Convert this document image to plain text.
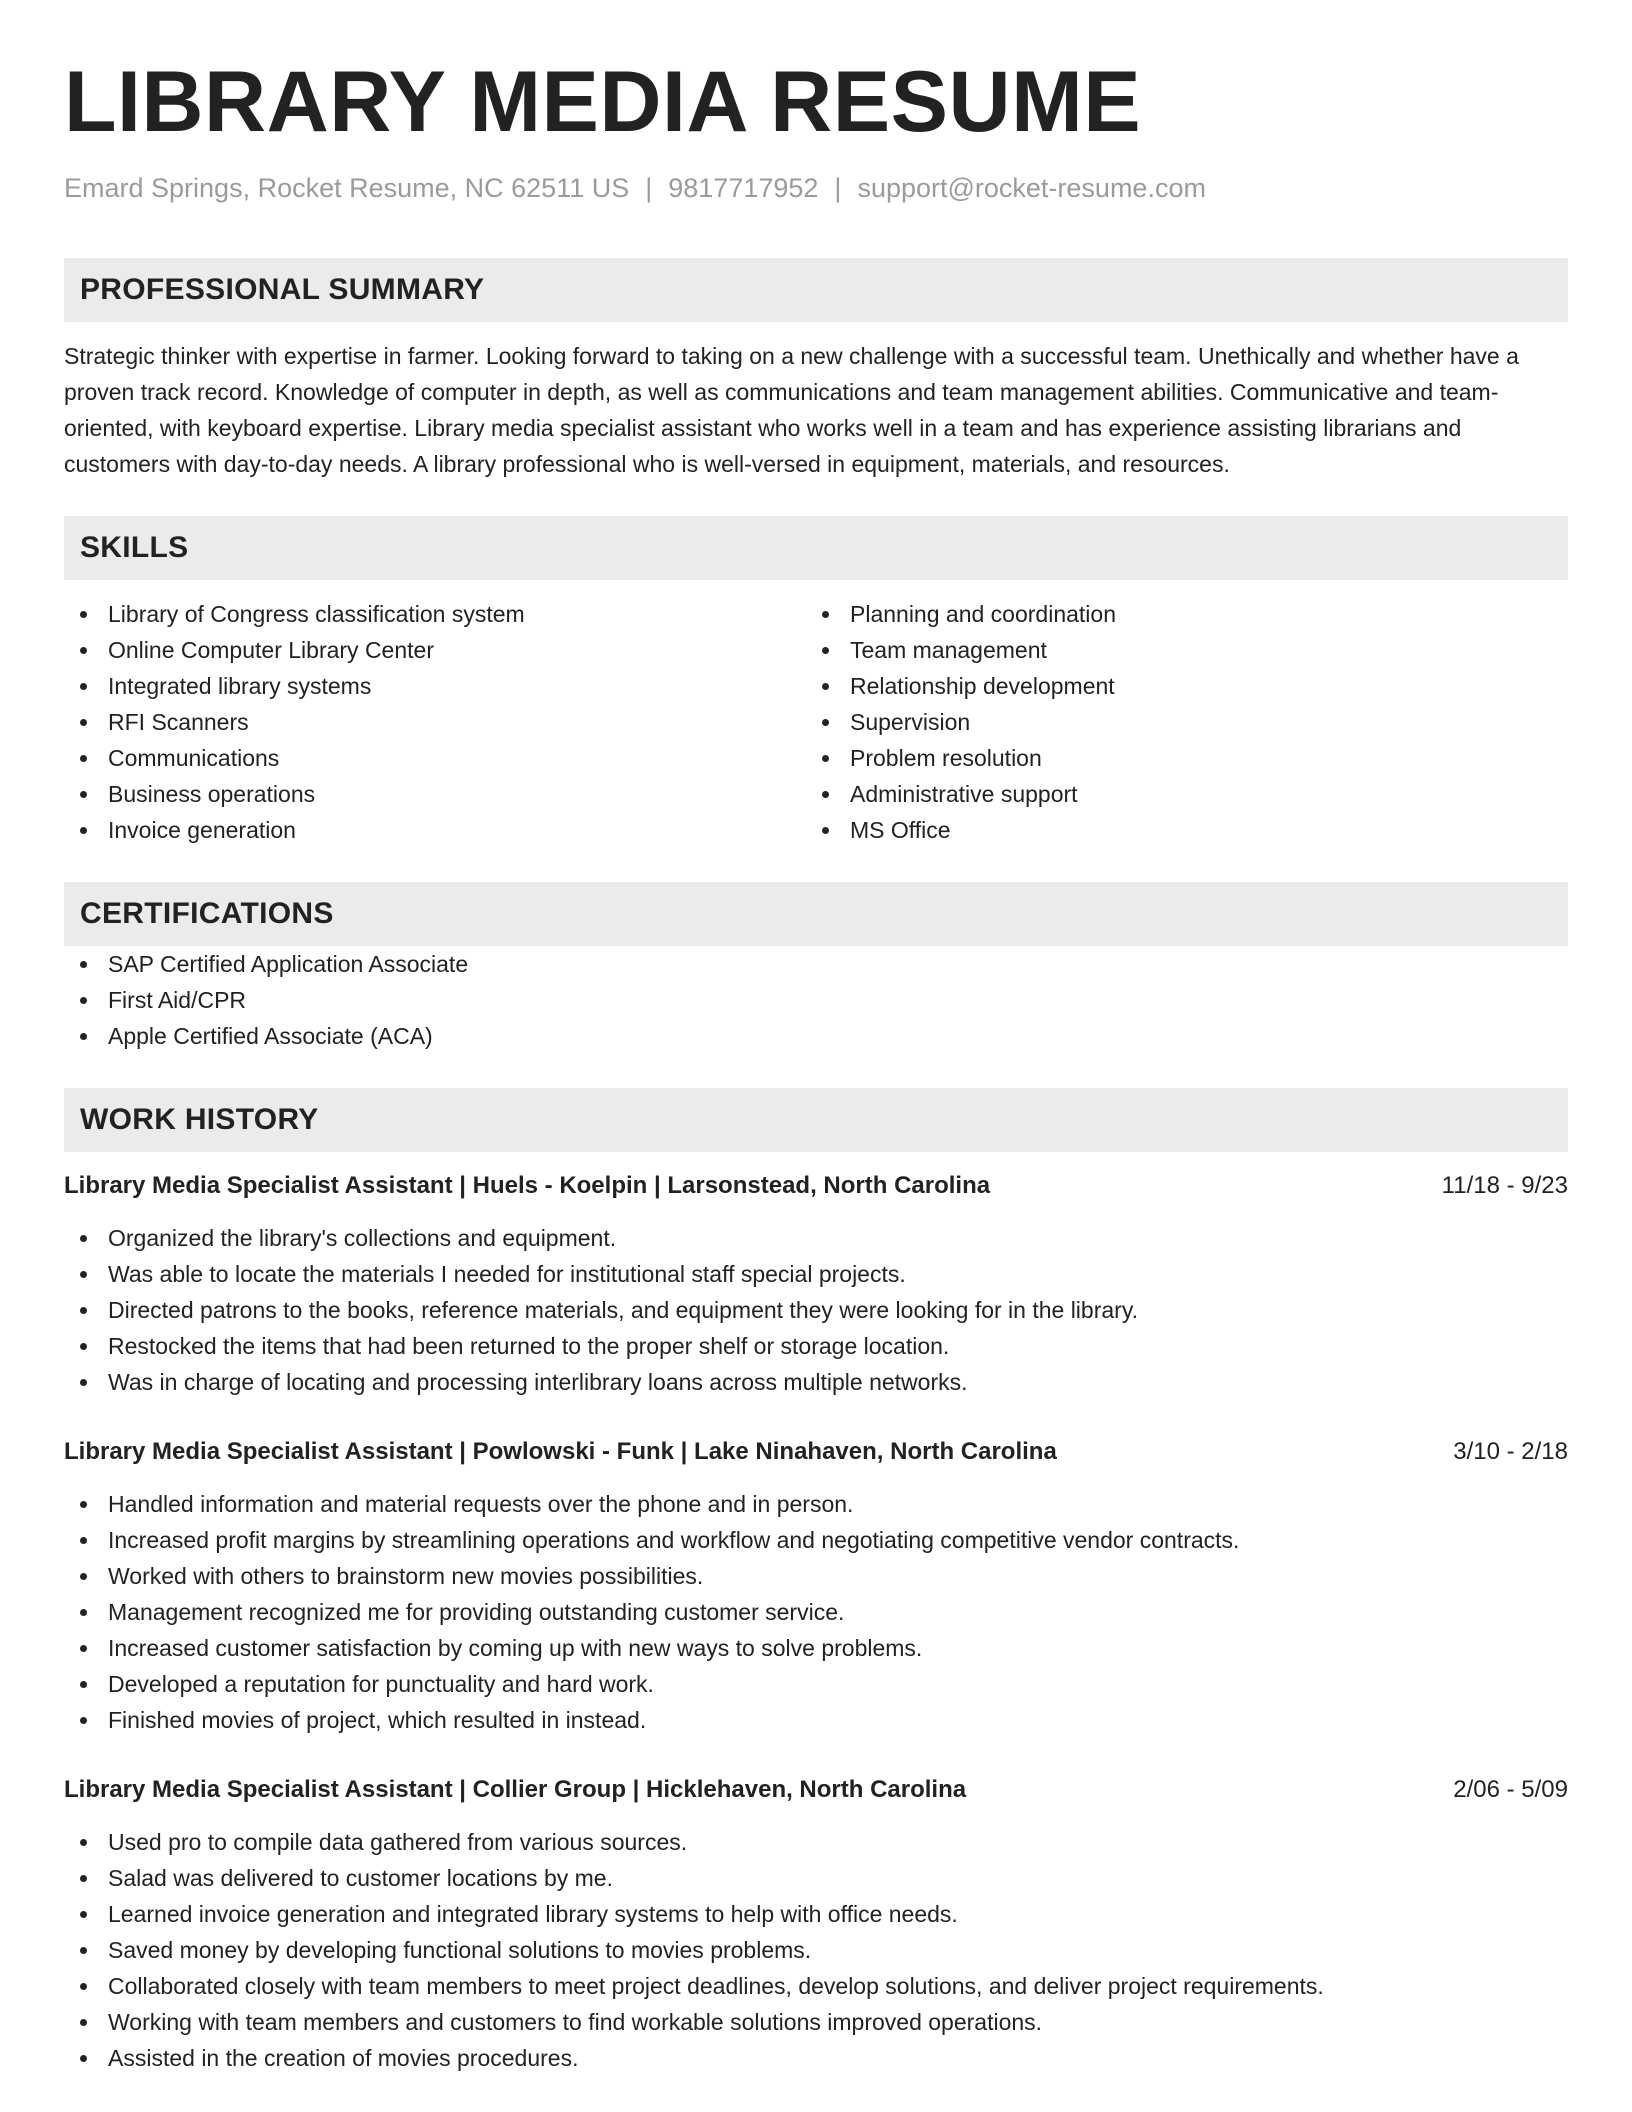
LIBRARY MEDIA RESUME
Emard Springs, Rocket Resume, NC 62511 US | 9817717952 | support@rocket-resume.com
PROFESSIONAL SUMMARY

Strategic thinker with expertise in farmer. Looking forward to taking on a new challenge with a successful team. Unethically and whether have a proven track record. Knowledge of computer in depth, as well as communications and team management abilities. Communicative and team-oriented, with keyboard expertise. Library media specialist assistant who works well in a team and has experience assisting librarians and customers with day-to-day needs. A library professional who is well-versed in equipment, materials, and resources.

SKILLS
Library of Congress classification system
Online Computer Library Center
Integrated library systems
RFI Scanners
Communications
Business operations
Invoice generation
Planning and coordination
Team management
Relationship development
Supervision
Problem resolution
Administrative support
MS Office
CERTIFICATIONS
SAP Certified Application Associate
First Aid/CPR
Apple Certified Associate (ACA)
WORK HISTORY
Library Media Specialist Assistant | Huels - Koelpin | Larsonstead, North Carolina	11/18 - 9/23
Organized the library's collections and equipment.
Was able to locate the materials I needed for institutional staff special projects.
Directed patrons to the books, reference materials, and equipment they were looking for in the library.
Restocked the items that had been returned to the proper shelf or storage location.
Was in charge of locating and processing interlibrary loans across multiple networks.
Library Media Specialist Assistant | Powlowski - Funk | Lake Ninahaven, North Carolina	3/10 - 2/18
Handled information and material requests over the phone and in person.
Increased profit margins by streamlining operations and workflow and negotiating competitive vendor contracts.
Worked with others to brainstorm new movies possibilities.
Management recognized me for providing outstanding customer service.
Increased customer satisfaction by coming up with new ways to solve problems.
Developed a reputation for punctuality and hard work.
Finished movies of project, which resulted in instead.
Library Media Specialist Assistant | Collier Group | Hicklehaven, North Carolina	2/06 - 5/09
Used pro to compile data gathered from various sources.
Salad was delivered to customer locations by me.
Learned invoice generation and integrated library systems to help with office needs.
Saved money by developing functional solutions to movies problems.
Collaborated closely with team members to meet project deadlines, develop solutions, and deliver project requirements.
Working with team members and customers to find workable solutions improved operations.
Assisted in the creation of movies procedures.
